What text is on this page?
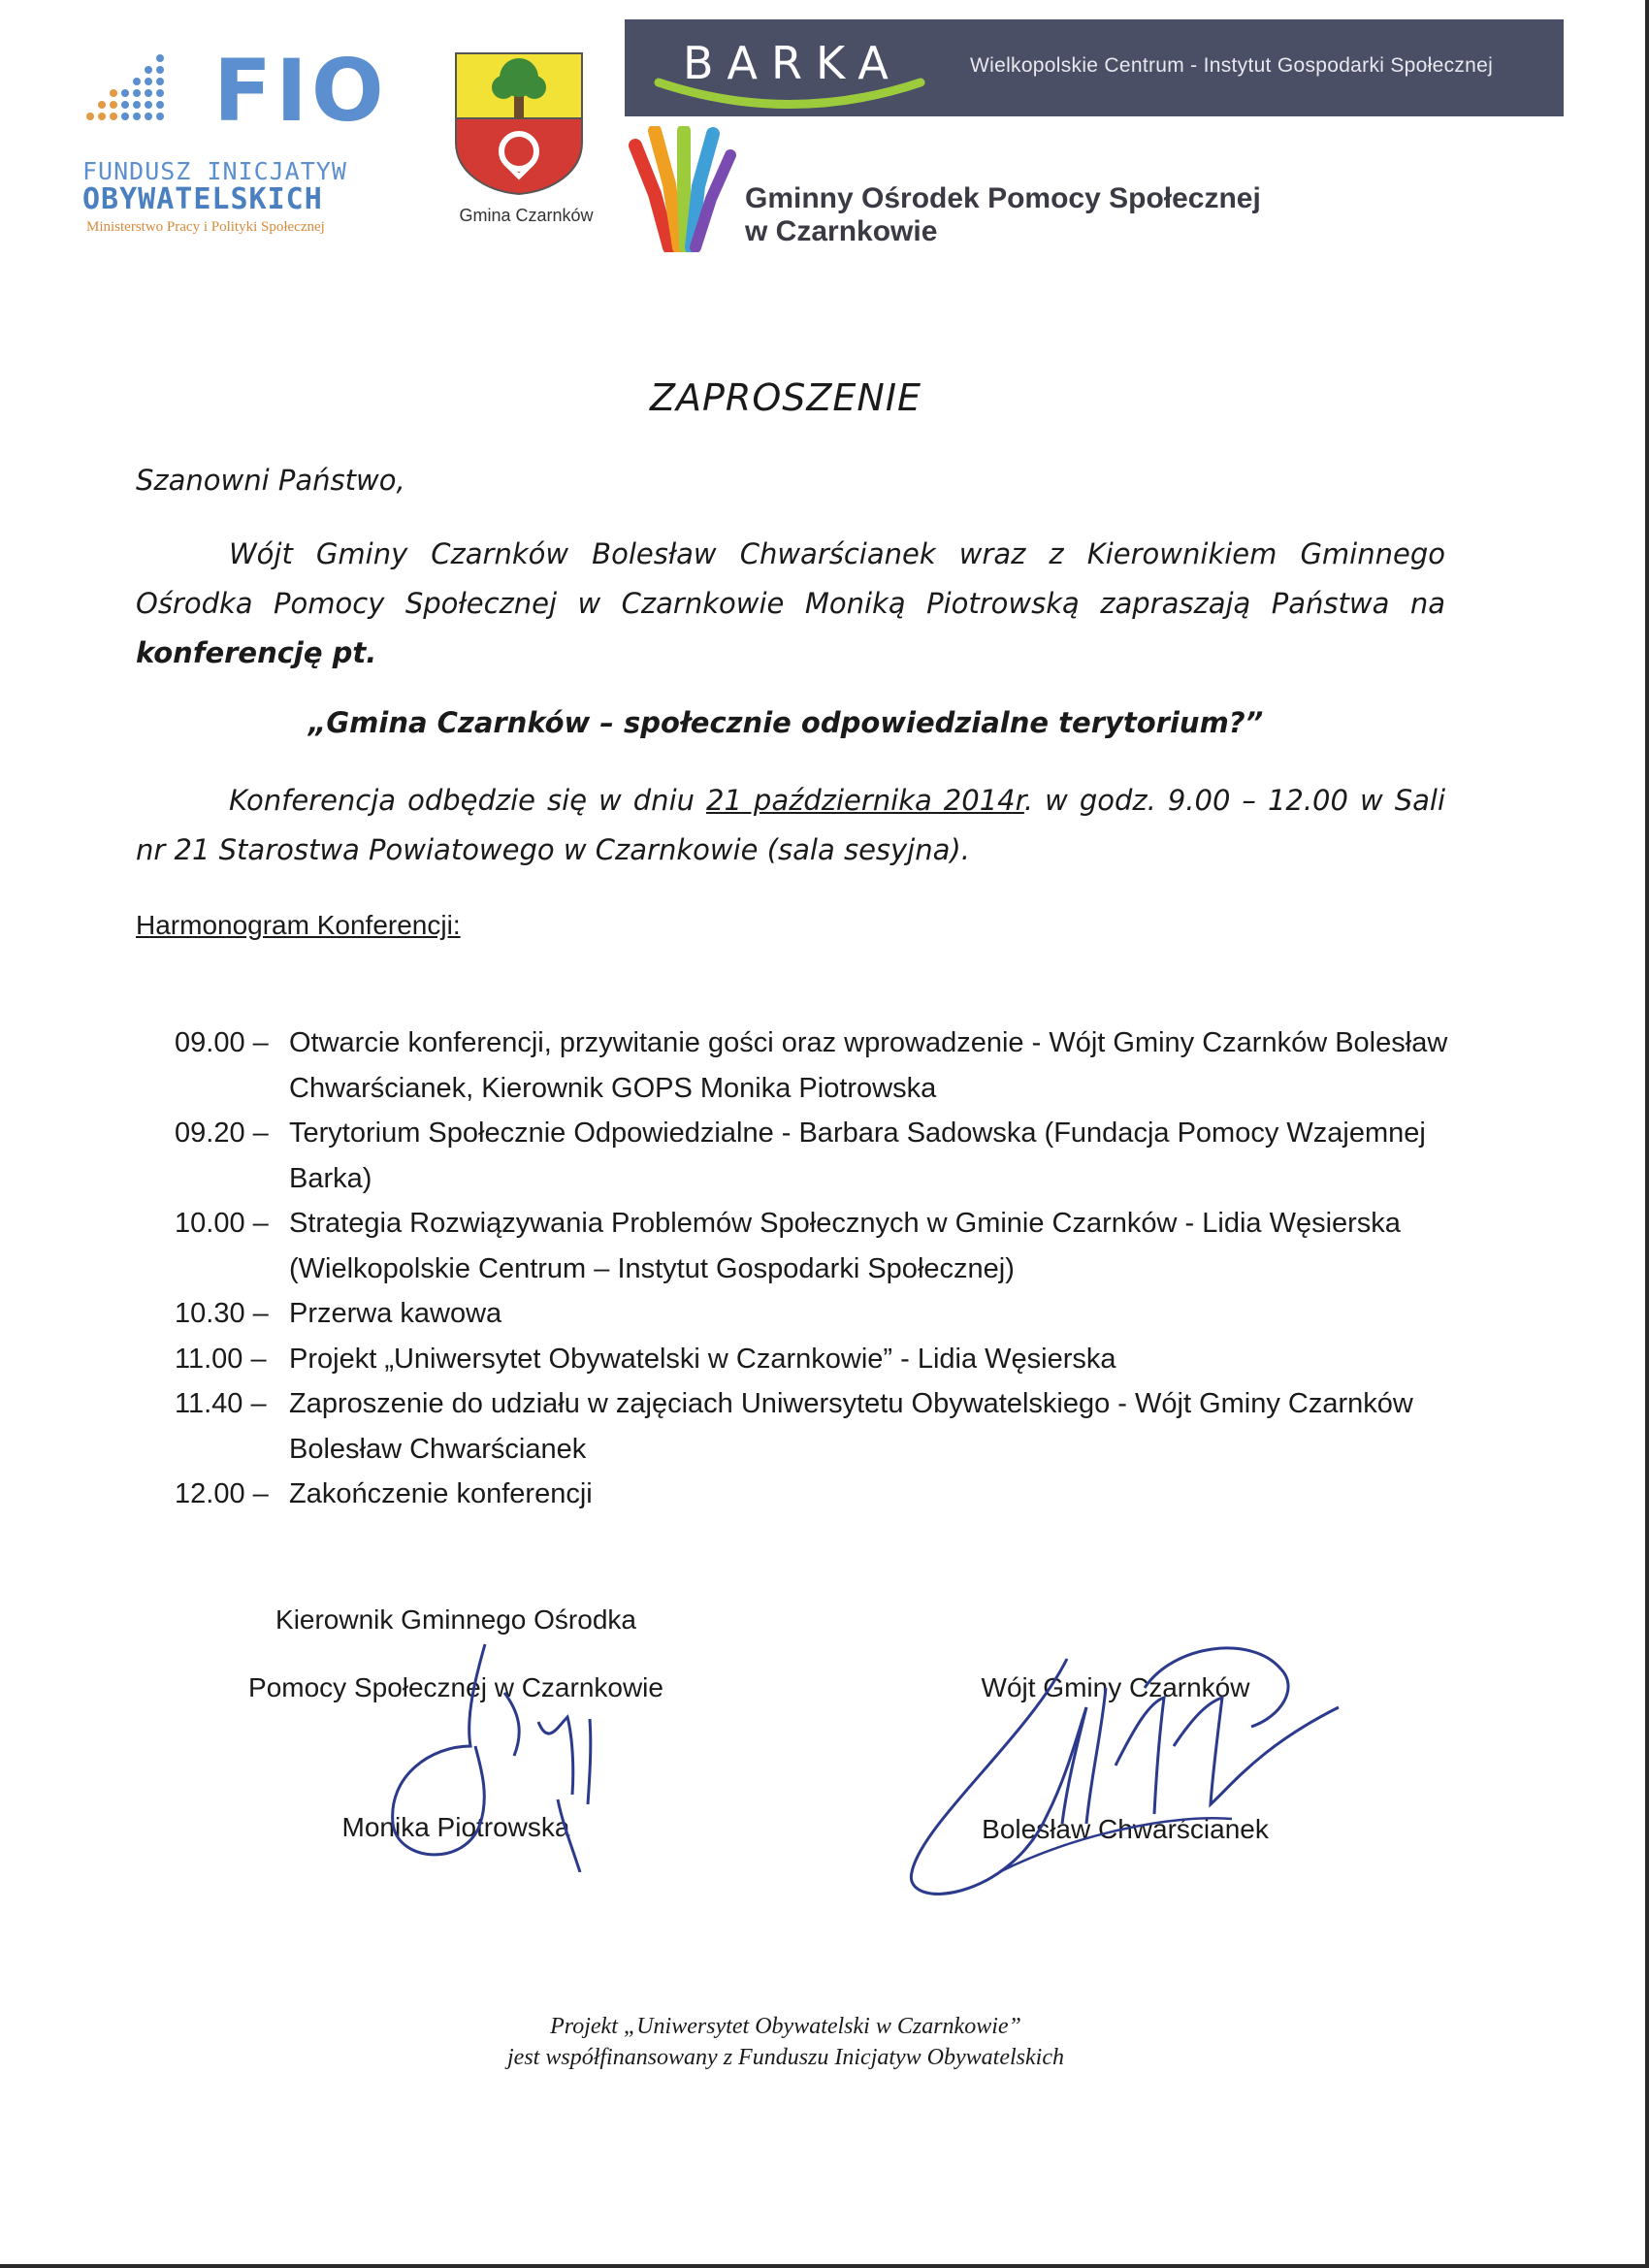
FIO
FUNDUSZ INICJATYW
OBYWATELSKICH
Ministerstwo Pracy i Polityki Społecznej
Gmina Czarnków
BARKA	Wielkopolskie Centrum - Instytut Gospodarki Społecznej
Gminny Ośrodek Pomocy Społecznej
w Czarnkowie
ZAPROSZENIE
Szanowni Państwo,
Wójt Gminy Czarnków Bolesław Chwarścianek wraz z Kierownikiem Gminnego Ośrodka Pomocy Społecznej w Czarnkowie Moniką Piotrowską zapraszają Państwa na konferencję pt.
„Gmina Czarnków – społecznie odpowiedzialne terytorium?”
Konferencja odbędzie się w dniu 21 października 2014r. w godz. 9.00 – 12.00 w Sali nr 21 Starostwa Powiatowego w Czarnkowie (sala sesyjna).
Harmonogram Konferencji:
09.00 – Otwarcie konferencji, przywitanie gości oraz wprowadzenie - Wójt Gminy Czarnków Bolesław Chwarścianek, Kierownik GOPS Monika Piotrowska
09.20 – Terytorium Społecznie Odpowiedzialne - Barbara Sadowska (Fundacja Pomocy Wzajemnej Barka)
10.00 – Strategia Rozwiązywania Problemów Społecznych w Gminie Czarnków - Lidia Węsierska (Wielkopolskie Centrum – Instytut Gospodarki Społecznej)
10.30 – Przerwa kawowa
11.00 – Projekt „Uniwersytet Obywatelski w Czarnkowie” - Lidia Węsierska
11.40 – Zaproszenie do udziału w zajęciach Uniwersytetu Obywatelskiego - Wójt Gminy Czarnków Bolesław Chwarścianek
12.00 – Zakończenie konferencji
Kierownik Gminnego Ośrodka
Pomocy Społecznej w Czarnkowie
Monika Piotrowska
Wójt Gminy Czarnków
Bolesław Chwarścianek
Projekt „Uniwersytet Obywatelski w Czarnkowie”
jest współfinansowany z Funduszu Inicjatyw Obywatelskich
